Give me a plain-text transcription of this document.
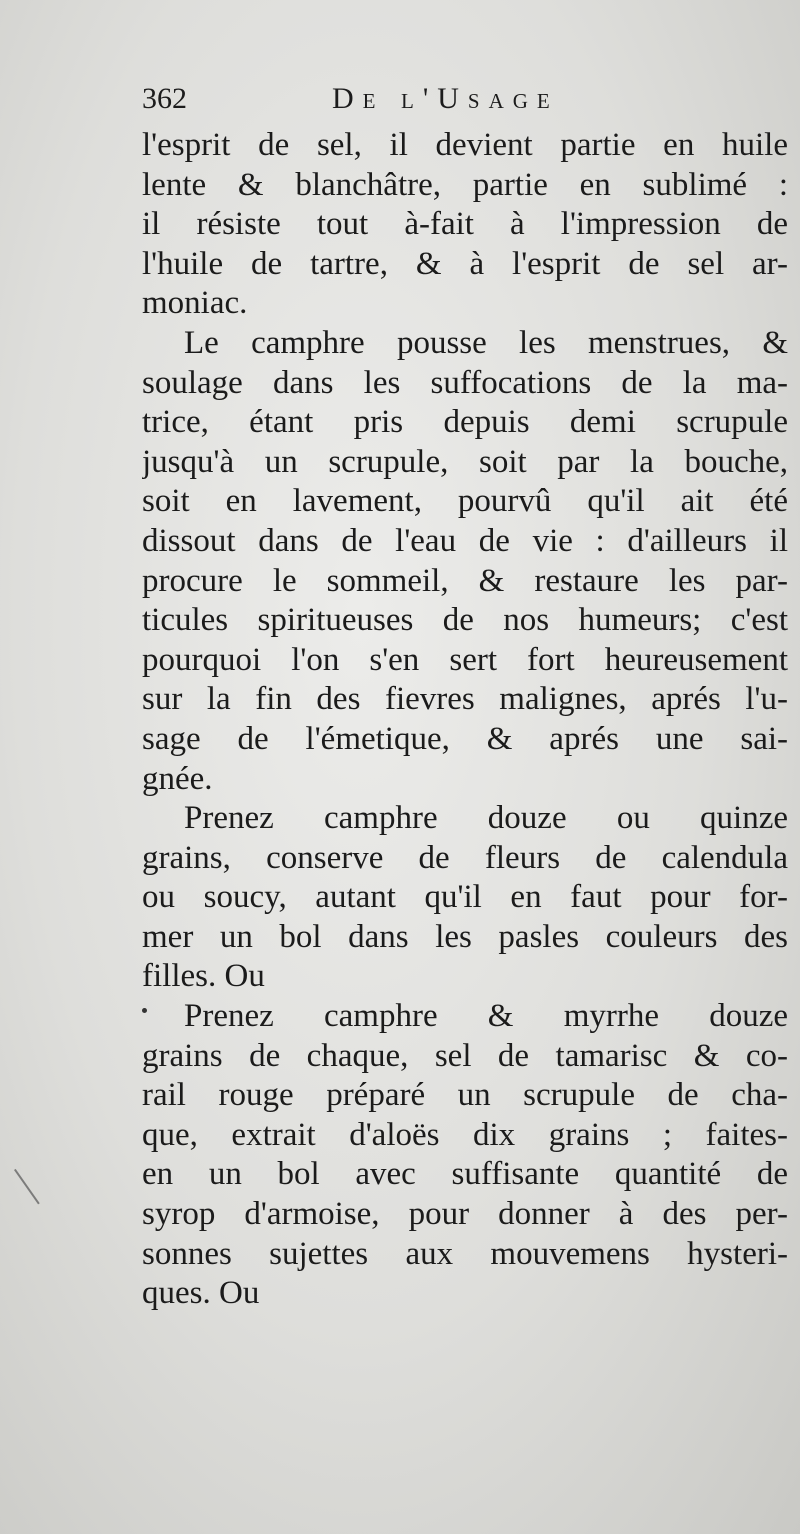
362	De l'Usage
l'esprit de sel, il devient partie en huile
lente & blanchâtre, partie en sublimé :
il résiste tout à-fait à l'impression de
l'huile de tartre, & à l'esprit de sel ar-
moniac.
Le camphre pousse les menstrues, &
soulage dans les suffocations de la ma-
trice, étant pris depuis demi scrupule
jusqu'à un scrupule, soit par la bouche,
soit en lavement, pourvû qu'il ait été
dissout dans de l'eau de vie : d'ailleurs il
procure le sommeil, & restaure les par-
ticules spiritueuses de nos humeurs; c'est
pourquoi l'on s'en sert fort heureusement
sur la fin des fievres malignes, aprés l'u-
sage de l'émetique, & aprés une sai-
gnée.
Prenez camphre douze ou quinze
grains, conserve de fleurs de calendula
ou soucy, autant qu'il en faut pour for-
mer un bol dans les pasles couleurs des
filles. Ou
Prenez camphre & myrrhe douze
grains de chaque, sel de tamarisc & co-
rail rouge préparé un scrupule de cha-
que, extrait d'aloës dix grains ; faites-
en un bol avec suffisante quantité de
syrop d'armoise, pour donner à des per-
sonnes sujettes aux mouvemens hysteri-
ques. Ou
